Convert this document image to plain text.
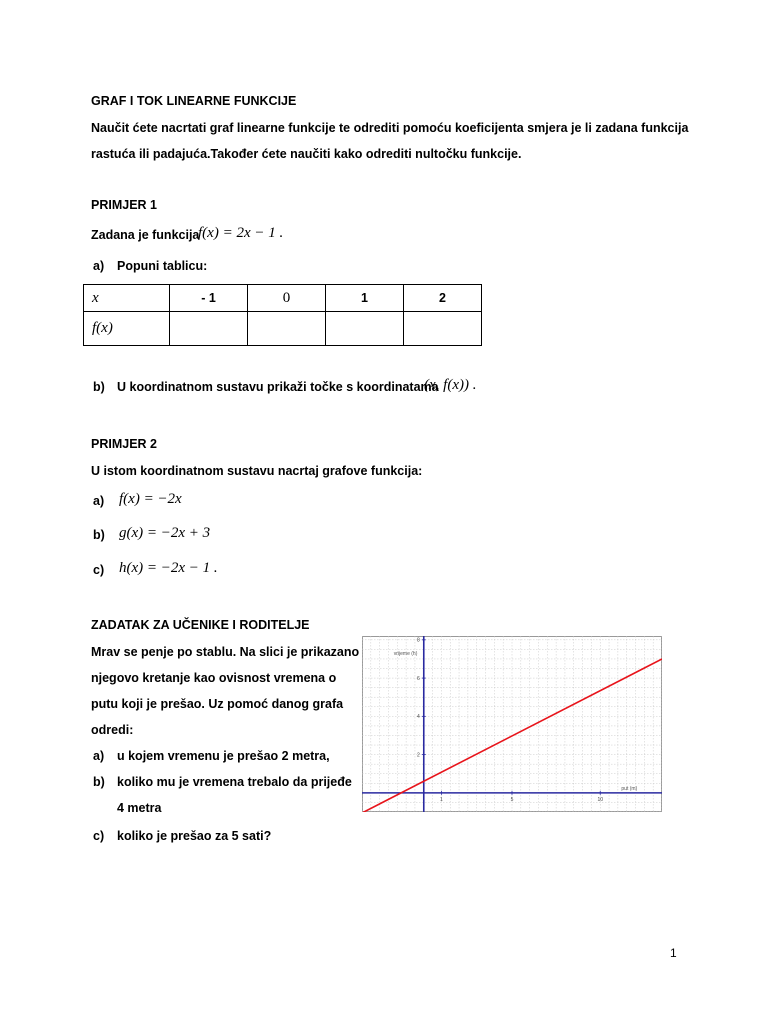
GRAF I TOK LINEARNE FUNKCIJE
Naučit ćete nacrtati graf linearne funkcije te odrediti pomoću koeficijenta smjera je li zadana funkcija
rastuća ili padajuća.Također ćete naučiti kako odrediti nultočku funkcije.
PRIMJER 1
Zadana je funkcija
f(x) = 2x − 1 .
a) Popuni tablicu:
x	- 1	0	1	2
f(x)				
b) U koordinatnom sustavu prikaži točke s koordinatama
(x, f(x)) .
PRIMJER 2
U istom koordinatnom sustavu nacrtaj grafove funkcija:
a) f(x) = −2x
b) g(x) = −2x + 3
c) h(x) = −2x − 1 .
ZADATAK ZA UČENIKE I RODITELJE
Mrav se penje po stablu. Na slici je prikazano
njegovo kretanje kao ovisnost vremena o
putu koji je prešao. Uz pomoć danog grafa
odredi:
a) u kojem vremenu je prešao 2 metra,
b) koliko mu je vremena trebalo da prijeđe
4 metra
c) koliko je prešao za 5 sati?
1	5	10
2
4
6
8
put (m)
vrijeme (h)
1
